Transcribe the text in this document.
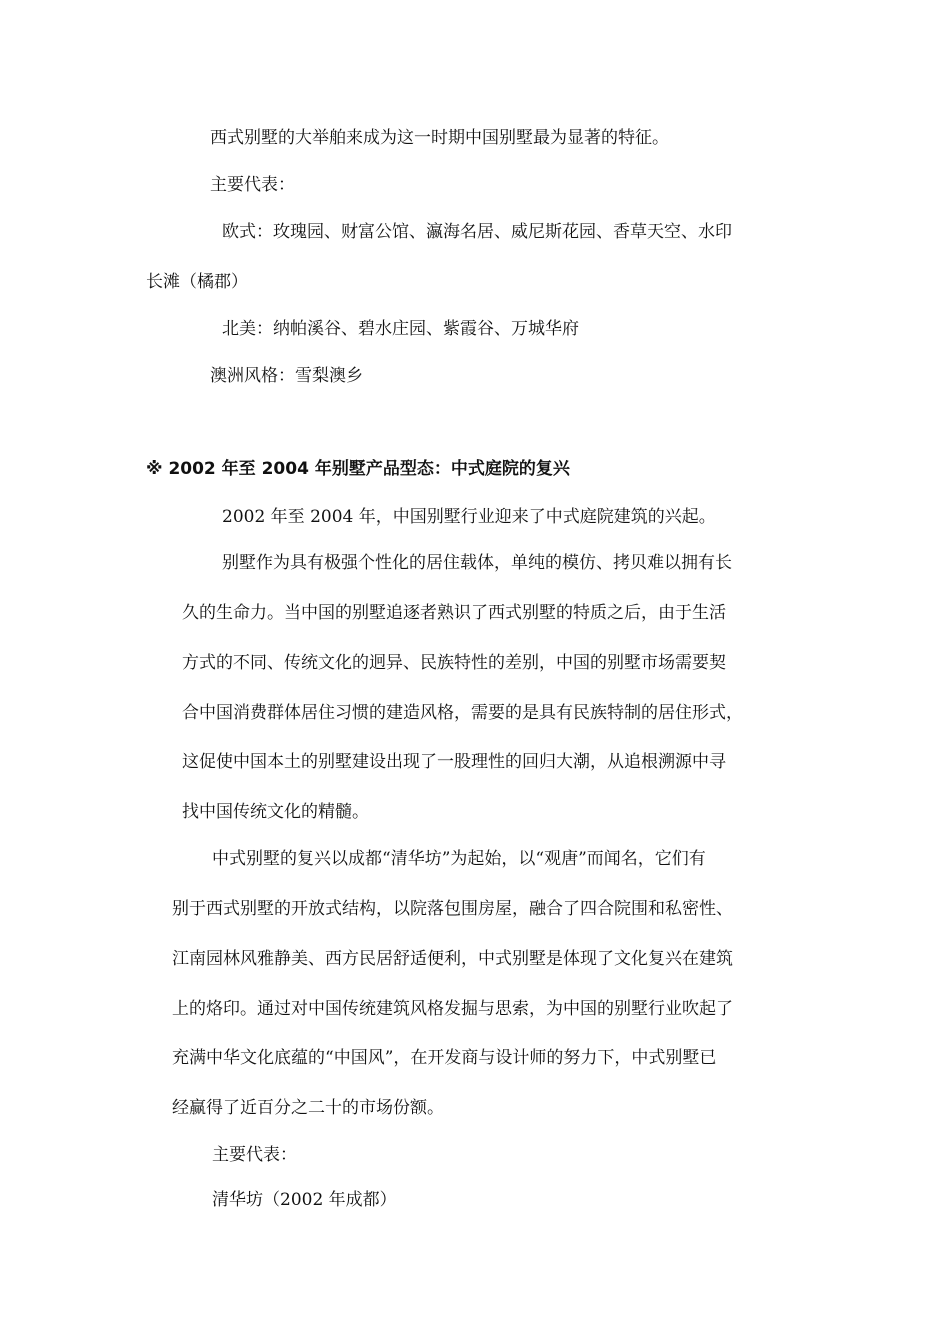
西式别墅的大举舶来成为这一时期中国别墅最为显著的特征。
主要代表：
欧式：玫瑰园、财富公馆、瀛海名居、威尼斯花园、香草天空、水印
长滩（橘郡）
北美：纳帕溪谷、碧水庄园、紫霞谷、万城华府
澳洲风格：雪梨澳乡
※ 2002 年至 2004 年别墅产品型态：中式庭院的复兴
2002 年至 2004 年，中国别墅行业迎来了中式庭院建筑的兴起。
别墅作为具有极强个性化的居住载体，单纯的模仿、拷贝难以拥有长
久的生命力。当中国的别墅追逐者熟识了西式别墅的特质之后，由于生活
方式的不同、传统文化的迥异、民族特性的差别，中国的别墅市场需要契
合中国消费群体居住习惯的建造风格，需要的是具有民族特制的居住形式，
这促使中国本土的别墅建设出现了一股理性的回归大潮，从追根溯源中寻
找中国传统文化的精髓。
中式别墅的复兴以成都“清华坊”为起始，以“观唐”而闻名，它们有
别于西式别墅的开放式结构，以院落包围房屋，融合了四合院围和私密性、
江南园林风雅静美、西方民居舒适便利，中式别墅是体现了文化复兴在建筑
上的烙印。通过对中国传统建筑风格发掘与思索，为中国的别墅行业吹起了
充满中华文化底蕴的“中国风”，在开发商与设计师的努力下，中式别墅已
经赢得了近百分之二十的市场份额。
主要代表：
清华坊（2002 年成都）
